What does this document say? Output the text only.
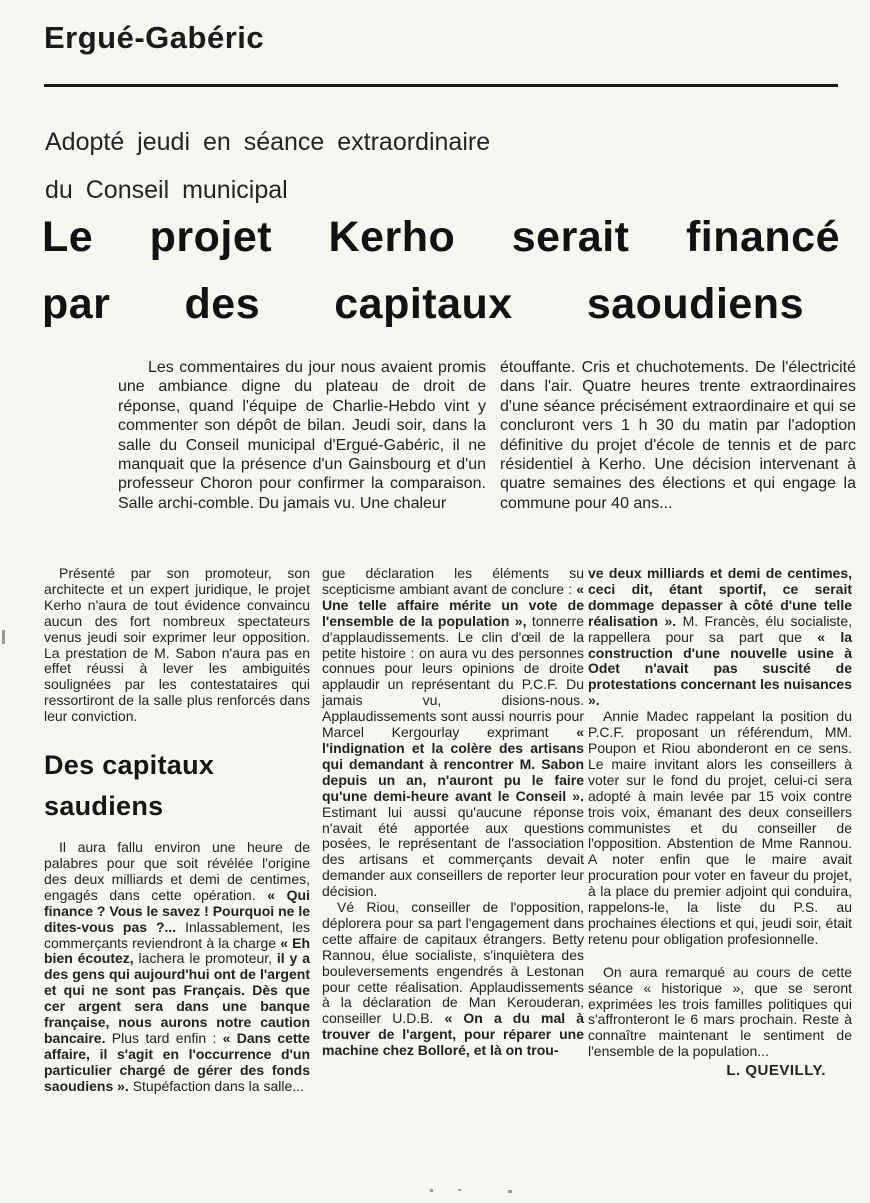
Ergué-Gabéric
Adopté jeudi en séance extraordinaire
du Conseil municipal
Le projet Kerho serait financé
par des capitaux saoudiens
Les commentaires du jour nous avaient promis une ambiance digne du plateau de droit de réponse, quand l'équipe de Charlie-Hebdo vint y commenter son dépôt de bilan. Jeudi soir, dans la salle du Conseil municipal d'Ergué-Gabéric, il ne manquait que la présence d'un Gainsbourg et d'un professeur Choron pour confirmer la comparaison. Salle archi-comble. Du jamais vu. Une chaleur
étouffante. Cris et chuchotements. De l'électricité dans l'air. Quatre heures trente extraordinaires d'une séance précisément extraordinaire et qui se concluront vers 1 h 30 du matin par l'adoption définitive du projet d'école de tennis et de parc résidentiel à Kerho. Une décision intervenant à quatre semaines des élections et qui engage la commune pour 40 ans...

Présenté par son promoteur, son architecte et un expert juridique, le projet Kerho n'aura de tout évidence convaincu aucun des fort nombreux spectateurs venus jeudi soir exprimer leur opposition. La prestation de M. Sabon n'aura pas en effet réussi à lever les ambiguités soulignées par les contestataires qui ressortiront de la salle plus renforcés dans leur conviction.

Des capitaux
saudiens

Il aura fallu environ une heure de palabres pour que soit révélée l'origine des deux milliards et demi de centimes, engagés dans cette opération. « Qui finance ? Vous le savez ! Pourquoi ne le dites-vous pas ?... Inlassablement, les commerçants reviendront à la charge « Eh bien écoutez, lachera le promoteur, il y a des gens qui aujourd'hui ont de l'argent et qui ne sont pas Français. Dès que cer argent sera dans une banque française, nous aurons notre caution bancaire. Plus tard enfin : « Dans cette affaire, il s'agit en l'occurrence d'un particulier chargé de gérer des fonds saoudiens ». Stupéfaction dans la salle...

gue déclaration les éléments su scepticisme ambiant avant de conclure : « Une telle affaire mérite un vote de l'ensemble de la population », tonnerre d'applaudissements. Le clin d'œil de la petite histoire : on aura vu des personnes connues pour leurs opinions de droite applaudir un représentant du P.C.F. Du jamais vu, disions-nous. Applaudissements sont aussi nourris pour Marcel Kergourlay exprimant « l'indignation et la colère des artisans qui demandant à rencontrer M. Sabon depuis un an, n'auront pu le faire qu'une demi-heure avant le Conseil ». Estimant lui aussi qu'aucune réponse n'avait été apportée aux questions posées, le représentant de l'association des artisans et commerçants devait demander aux conseillers de reporter leur décision.

Vé Riou, conseiller de l'opposition, déplorera pour sa part l'engagement dans cette affaire de capitaux étrangers. Betty Rannou, élue socialiste, s'inquiètera des bouleversements engendrés à Lestonan pour cette réalisation. Applaudissements à la déclaration de Man Kerouderan, conseiller U.D.B. « On a du mal à trouver de l'argent, pour réparer une machine chez Bolloré, et là on trou-

ve deux milliards et demi de centimes, ceci dit, étant sportif, ce serait dommage depasser à côté d'une telle réalisation ». M. Francès, élu socialiste, rappellera pour sa part que « la construction d'une nouvelle usine à Odet n'avait pas suscité de protestations concernant les nuisances ».

Annie Madec rappelant la position du P.C.F. proposant un référendum, MM. Poupon et Riou abonderont en ce sens. Le maire invitant alors les conseillers à voter sur le fond du projet, celui-ci sera adopté à main levée par 15 voix contre trois voix, émanant des deux conseillers communistes et du conseiller de l'opposition. Abstention de Mme Rannou. A noter enfin que le maire avait procuration pour voter en faveur du projet, à la place du premier adjoint qui conduira, rappelons-le, la liste du P.S. au prochaines élections et qui, jeudi soir, était retenu pour obligation profesionnelle.

On aura remarqué au cours de cette séance « historique », que se seront exprimées les trois familles politiques qui s'affronteront le 6 mars prochain. Reste à connaître maintenant le sentiment de l'ensemble de la population...

L. QUEVILLY.
